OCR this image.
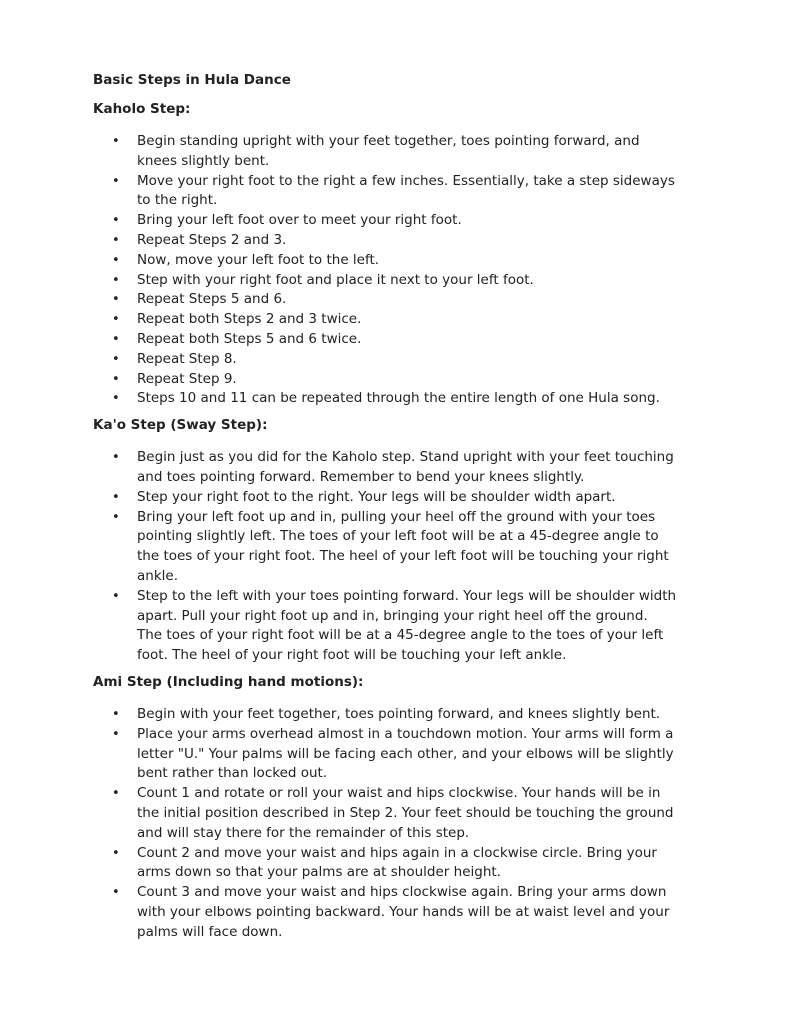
Basic Steps in Hula Dance

Kaholo Step:

• Begin standing upright with your feet together, toes pointing forward, and knees slightly bent.
• Move your right foot to the right a few inches. Essentially, take a step sideways to the right.
• Bring your left foot over to meet your right foot.
• Repeat Steps 2 and 3.
• Now, move your left foot to the left.
• Step with your right foot and place it next to your left foot.
• Repeat Steps 5 and 6.
• Repeat both Steps 2 and 3 twice.
• Repeat both Steps 5 and 6 twice.
• Repeat Step 8.
• Repeat Step 9.
• Steps 10 and 11 can be repeated through the entire length of one Hula song.

Ka'o Step (Sway Step):

• Begin just as you did for the Kaholo step. Stand upright with your feet touching and toes pointing forward. Remember to bend your knees slightly.
• Step your right foot to the right. Your legs will be shoulder width apart.
• Bring your left foot up and in, pulling your heel off the ground with your toes pointing slightly left. The toes of your left foot will be at a 45-degree angle to the toes of your right foot. The heel of your left foot will be touching your right ankle.
• Step to the left with your toes pointing forward. Your legs will be shoulder width apart. Pull your right foot up and in, bringing your right heel off the ground. The toes of your right foot will be at a 45-degree angle to the toes of your left foot. The heel of your right foot will be touching your left ankle.

Ami Step (Including hand motions):

• Begin with your feet together, toes pointing forward, and knees slightly bent.
• Place your arms overhead almost in a touchdown motion. Your arms will form a letter "U." Your palms will be facing each other, and your elbows will be slightly bent rather than locked out.
• Count 1 and rotate or roll your waist and hips clockwise. Your hands will be in the initial position described in Step 2. Your feet should be touching the ground and will stay there for the remainder of this step.
• Count 2 and move your waist and hips again in a clockwise circle. Bring your arms down so that your palms are at shoulder height.
• Count 3 and move your waist and hips clockwise again. Bring your arms down with your elbows pointing backward. Your hands will be at waist level and your palms will face down.
